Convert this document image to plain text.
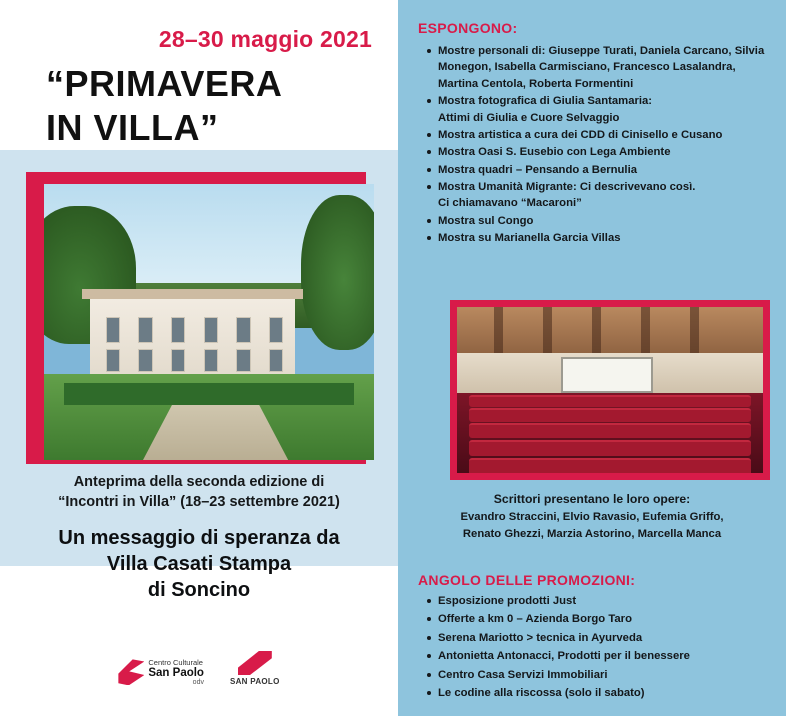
28–30 maggio 2021
“PRIMAVERA
IN VILLA”
Anteprima della seconda edizione di
“Incontri in Villa” (18–23 settembre 2021)
Un messaggio di speranza da
Villa Casati Stampa
di Soncino
Centro Culturale
San Paolo
odv	SAN PAOLO
ESPONGONO:
Mostre personali di: Giuseppe Turati, Daniela Carcano, Silvia Monegon, Isabella Carmisciano, Francesco Lasalandra, Martina Centola, Roberta Formentini
Mostra fotografica di Giulia Santamaria:
Attimi di Giulia e Cuore Selvaggio
Mostra artistica a cura dei CDD di Cinisello e Cusano
Mostra Oasi S. Eusebio con Lega Ambiente
Mostra quadri – Pensando a Bernulia
Mostra Umanità Migrante: Ci descrivevano così.
Ci chiamavano “Macaroni”
Mostra sul Congo
Mostra su Marianella Garcia Villas
Scrittori presentano le loro opere:
Evandro Straccini, Elvio Ravasio, Eufemia Griffo,
Renato Ghezzi, Marzia Astorino, Marcella Manca
ANGOLO DELLE PROMOZIONI:
Esposizione prodotti Just
Offerte a km 0 – Azienda Borgo Taro
Serena Mariotto > tecnica in Ayurveda
Antonietta Antonacci, Prodotti per il benessere
Centro Casa Servizi Immobiliari
Le codine alla riscossa (solo il sabato)
